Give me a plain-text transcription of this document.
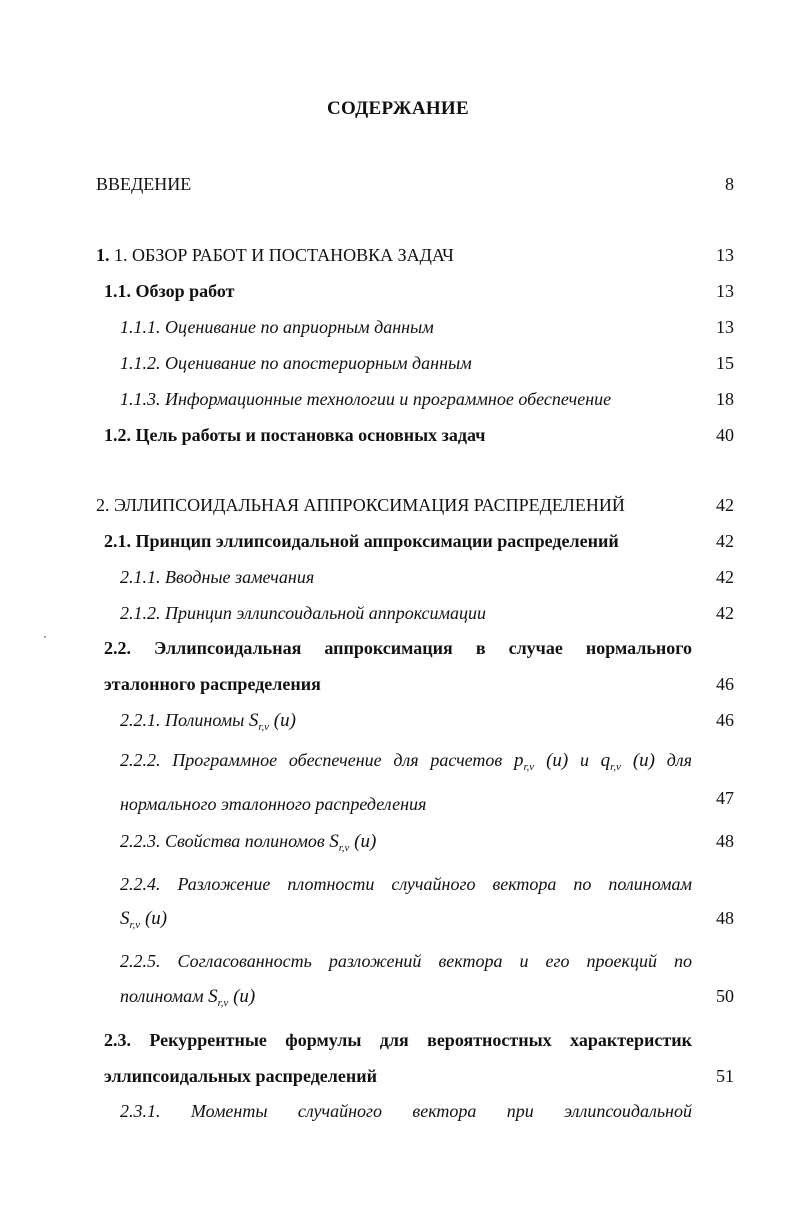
СОДЕРЖАНИЕ
ВВЕДЕНИЕ	8
1. 1. ОБЗОР РАБОТ И ПОСТАНОВКА ЗАДАЧ	13
1.1. Обзор работ	13
1.1.1. Оценивание по априорным данным	13
1.1.2. Оценивание по апостериорным данным	15
1.1.3. Информационные технологии и программное обеспечение	18
1.2. Цель работы и постановка основных задач	40
2. ЭЛЛИПСОИДАЛЬНАЯ АППРОКСИМАЦИЯ РАСПРЕДЕЛЕНИЙ	42
2.1. Принцип эллипсоидальной аппроксимации распределений	42
2.1.1. Вводные замечания	42
2.1.2. Принцип эллипсоидальной аппроксимации	42
2.2. Эллипсоидальная аппроксимация в случае нормального
эталонного распределения	46
2.2.1. Полиномы $S_{r,\nu}$ (u)	46
2.2.2. Программное обеспечение для расчетов $p_{r,\nu}$ (u) и $q_{r,\nu}$ (u) для
нормального эталонного распределения	47
2.2.3. Свойства полиномов $S_{r,\nu}$ (u)	48
2.2.4. Разложение плотности случайного вектора по полиномам
$S_{r,\nu}$ (u)	48
2.2.5. Согласованность разложений вектора и его проекций по
полиномам $S_{r,\nu}$ (u)	50
2.3. Рекуррентные формулы для вероятностных характеристик
эллипсоидальных распределений	51
2.3.1. Моменты случайного вектора при эллипсоидальной
